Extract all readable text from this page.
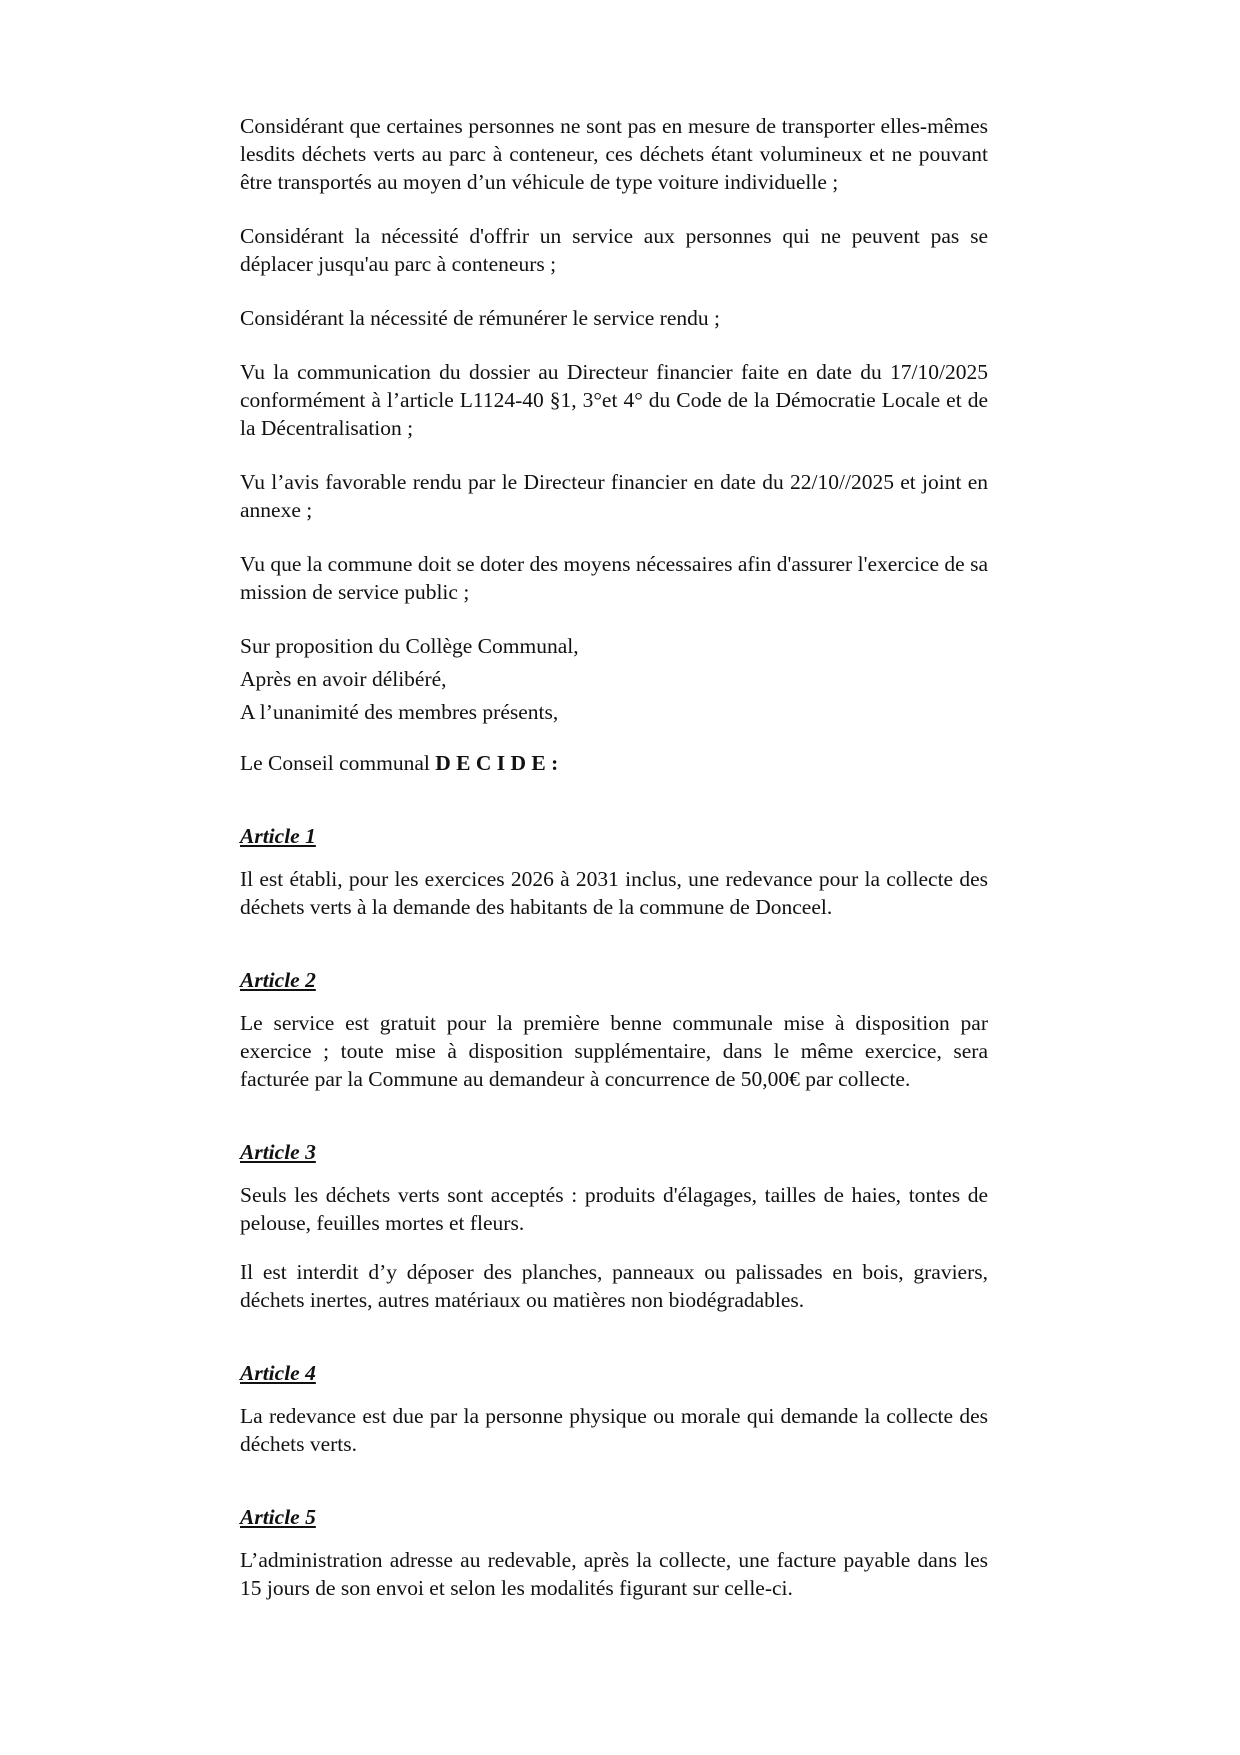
Considérant que certaines personnes ne sont pas en mesure de transporter elles-mêmes lesdits déchets verts au parc à conteneur, ces déchets étant volumineux et ne pouvant être transportés au moyen d’un véhicule de type voiture individuelle ;

Considérant la nécessité d'offrir un service aux personnes qui ne peuvent pas se déplacer jusqu'au parc à conteneurs ;

Considérant la nécessité de rémunérer le service rendu ;

Vu la communication du dossier au Directeur financier faite en date du 17/10/2025 conformément à l’article L1124-40 §1, 3°et 4° du Code de la Démocratie Locale et de la Décentralisation ;

Vu l’avis favorable rendu par le Directeur financier en date du 22/10//2025 et joint en annexe ;

Vu que la commune doit se doter des moyens nécessaires afin d'assurer l'exercice de sa mission de service public ;

Sur proposition du Collège Communal,

Après en avoir délibéré,

A l’unanimité des membres présents,

Le Conseil communal D E C I D E :

Article 1

Il est établi, pour les exercices 2026 à 2031 inclus, une redevance pour la collecte des déchets verts à la demande des habitants de la commune de Donceel.

Article 2

Le service est gratuit pour la première benne communale mise à disposition par exercice ; toute mise à disposition supplémentaire, dans le même exercice, sera facturée par la Commune au demandeur à concurrence de 50,00€ par collecte.

Article 3

Seuls les déchets verts sont acceptés : produits d'élagages, tailles de haies, tontes de pelouse, feuilles mortes et fleurs.

Il est interdit d’y déposer des planches, panneaux ou palissades en bois, graviers, déchets inertes, autres matériaux ou matières non biodégradables.

Article 4

La redevance est due par la personne physique ou morale qui demande la collecte des déchets verts.

Article 5

L’administration adresse au redevable, après la collecte, une facture payable dans les 15 jours de son envoi et selon les modalités figurant sur celle-ci.
